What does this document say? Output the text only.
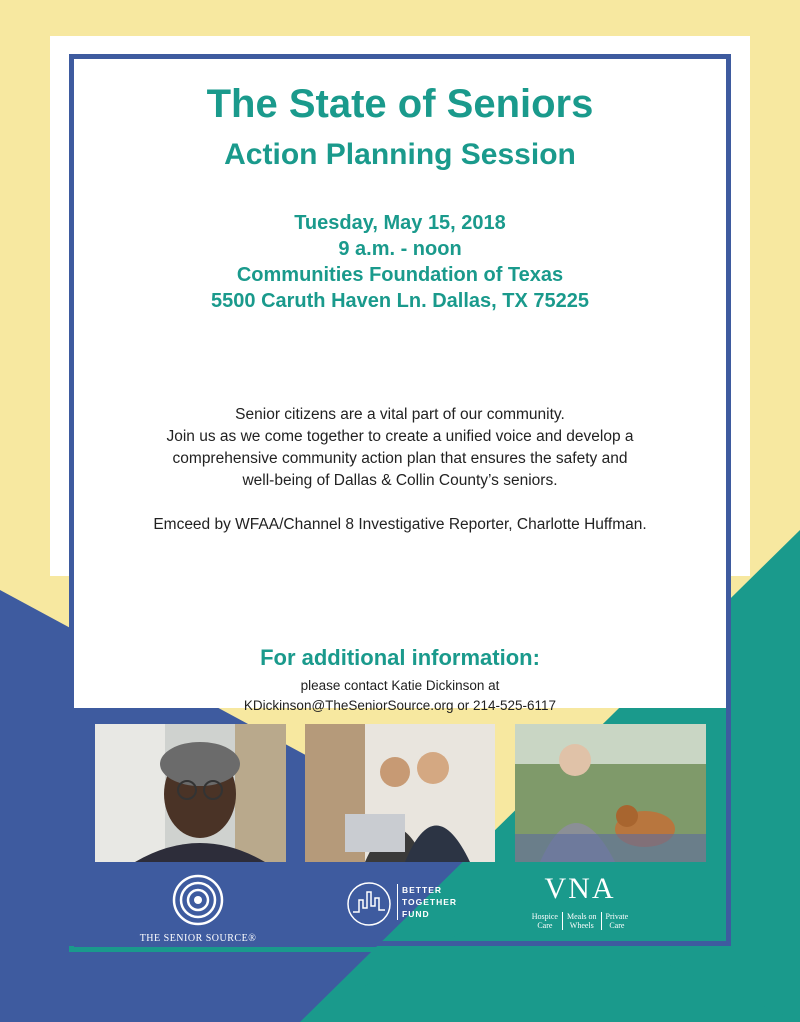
The State of Seniors
Action Planning Session
Tuesday, May 15, 2018
9 a.m. - noon
Communities Foundation of Texas
5500 Caruth Haven Ln. Dallas, TX 75225
Senior citizens are a vital part of our community.
Join us as we come together to create a unified voice and develop a
comprehensive community action plan that ensures the safety and
well-being of Dallas & Collin County’s seniors.
Emceed by WFAA/Channel 8 Investigative Reporter, Charlotte Huffman.
For additional information:
please contact Katie Dickinson at
KDickinson@TheSeniorSource.org or 214-525-6117
THE SENIOR SOURCE®
BETTER
TOGETHER
FUND
VNA
Hospice
Care
Meals on
Wheels
Private
Care
